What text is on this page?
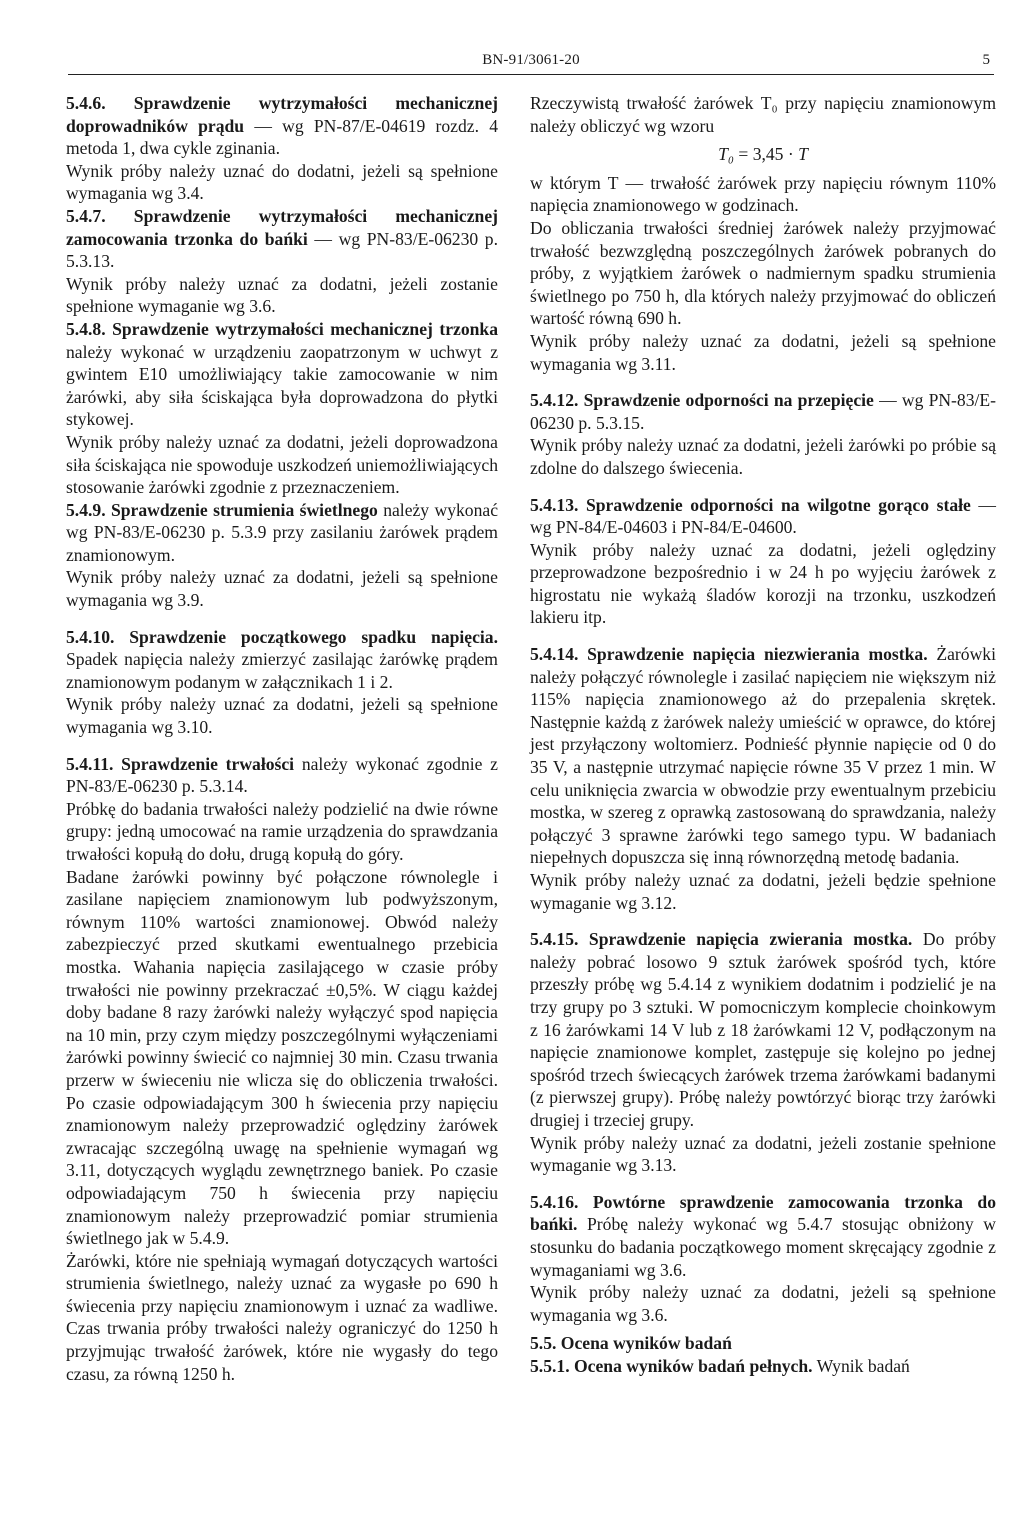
BN-91/3061-20	5

5.4.6. Sprawdzenie wytrzymałości mechanicznej doprowadników prądu — wg PN-87/E-04619 rozdz. 4 metoda 1, dwa cykle zginania.

Wynik próby należy uznać do dodatni, jeżeli są spełnione wymagania wg 3.4.

5.4.7. Sprawdzenie wytrzymałości mechanicznej zamocowania trzonka do bańki — wg PN-83/E-06230 p. 5.3.13.

Wynik próby należy uznać za dodatni, jeżeli zostanie spełnione wymaganie wg 3.6.

5.4.8. Sprawdzenie wytrzymałości mechanicznej trzonka należy wykonać w urządzeniu zaopatrzonym w uchwyt z gwintem E10 umożliwiający takie zamocowanie w nim żarówki, aby siła ściskająca była doprowadzona do płytki stykowej.

Wynik próby należy uznać za dodatni, jeżeli doprowadzona siła ściskająca nie spowoduje uszkodzeń uniemożliwiających stosowanie żarówki zgodnie z przeznaczeniem.

5.4.9. Sprawdzenie strumienia świetlnego należy wykonać wg PN-83/E-06230 p. 5.3.9 przy zasilaniu żarówek prądem znamionowym.

Wynik próby należy uznać za dodatni, jeżeli są spełnione wymagania wg 3.9.

5.4.10. Sprawdzenie początkowego spadku napięcia. Spadek napięcia należy zmierzyć zasilając żarówkę prądem znamionowym podanym w załącznikach 1 i 2.

Wynik próby należy uznać za dodatni, jeżeli są spełnione wymagania wg 3.10.

5.4.11. Sprawdzenie trwałości należy wykonać zgodnie z PN-83/E-06230 p. 5.3.14.

Próbkę do badania trwałości należy podzielić na dwie równe grupy: jedną umocować na ramie urządzenia do sprawdzania trwałości kopułą do dołu, drugą kopułą do góry.

Badane żarówki powinny być połączone równolegle i zasilane napięciem znamionowym lub podwyższonym, równym 110% wartości znamionowej. Obwód należy zabezpieczyć przed skutkami ewentualnego przebicia mostka. Wahania napięcia zasilającego w czasie próby trwałości nie powinny przekraczać ±0,5%. W ciągu każdej doby badane 8 razy żarówki należy wyłączyć spod napięcia na 10 min, przy czym między poszczególnymi wyłączeniami żarówki powinny świecić co najmniej 30 min. Czasu trwania przerw w świeceniu nie wlicza się do obliczenia trwałości. Po czasie odpowiadającym 300 h świecenia przy napięciu znamionowym należy przeprowadzić oględziny żarówek zwracając szczególną uwagę na spełnienie wymagań wg 3.11, dotyczących wyglądu zewnętrznego baniek. Po czasie odpowiadającym 750 h świecenia przy napięciu znamionowym należy przeprowadzić pomiar strumienia świetlnego jak w 5.4.9.

Żarówki, które nie spełniają wymagań dotyczących wartości strumienia świetlnego, należy uznać za wygasłe po 690 h świecenia przy napięciu znamionowym i uznać za wadliwe. Czas trwania próby trwałości należy ograniczyć do 1250 h przyjmując trwałość żarówek, które nie wygasły do tego czasu, za równą 1250 h.

Rzeczywistą trwałość żarówek T₀ przy napięciu znamionowym należy obliczyć wg wzoru

T₀ = 3,45 · T

w którym T — trwałość żarówek przy napięciu równym 110% napięcia znamionowego w godzinach.

Do obliczania trwałości średniej żarówek należy przyjmować trwałość bezwzględną poszczególnych żarówek pobranych do próby, z wyjątkiem żarówek o nadmiernym spadku strumienia świetlnego po 750 h, dla których należy przyjmować do obliczeń wartość równą 690 h.

Wynik próby należy uznać za dodatni, jeżeli są spełnione wymagania wg 3.11.

5.4.12. Sprawdzenie odporności na przepięcie — wg PN-83/E-06230 p. 5.3.15.

Wynik próby należy uznać za dodatni, jeżeli żarówki po próbie są zdolne do dalszego świecenia.

5.4.13. Sprawdzenie odporności na wilgotne gorąco stałe — wg PN-84/E-04603 i PN-84/E-04600.

Wynik próby należy uznać za dodatni, jeżeli oględziny przeprowadzone bezpośrednio i w 24 h po wyjęciu żarówek z higrostatu nie wykażą śladów korozji na trzonku, uszkodzeń lakieru itp.

5.4.14. Sprawdzenie napięcia niezwierania mostka. Żarówki należy połączyć równolegle i zasilać napięciem nie większym niż 115% napięcia znamionowego aż do przepalenia skrętek. Następnie każdą z żarówek należy umieścić w oprawce, do której jest przyłączony woltomierz. Podnieść płynnie napięcie od 0 do 35 V, a następnie utrzymać napięcie równe 35 V przez 1 min. W celu uniknięcia zwarcia w obwodzie przy ewentualnym przebiciu mostka, w szereg z oprawką zastosowaną do sprawdzania, należy połączyć 3 sprawne żarówki tego samego typu. W badaniach niepełnych dopuszcza się inną równorzędną metodę badania.

Wynik próby należy uznać za dodatni, jeżeli będzie spełnione wymaganie wg 3.12.

5.4.15. Sprawdzenie napięcia zwierania mostka. Do próby należy pobrać losowo 9 sztuk żarówek spośród tych, które przeszły próbę wg 5.4.14 z wynikiem dodatnim i podzielić je na trzy grupy po 3 sztuki. W pomocniczym komplecie choinkowym z 16 żarówkami 14 V lub z 18 żarówkami 12 V, podłączonym na napięcie znamionowe komplet, zastępuje się kolejno po jednej spośród trzech świecących żarówek trzema żarówkami badanymi (z pierwszej grupy). Próbę należy powtórzyć biorąc trzy żarówki drugiej i trzeciej grupy.

Wynik próby należy uznać za dodatni, jeżeli zostanie spełnione wymaganie wg 3.13.

5.4.16. Powtórne sprawdzenie zamocowania trzonka do bańki. Próbę należy wykonać wg 5.4.7 stosując obniżony w stosunku do badania początkowego moment skręcający zgodnie z wymaganiami wg 3.6.

Wynik próby należy uznać za dodatni, jeżeli są spełnione wymagania wg 3.6.

5.5. Ocena wyników badań

5.5.1. Ocena wyników badań pełnych. Wynik badań
